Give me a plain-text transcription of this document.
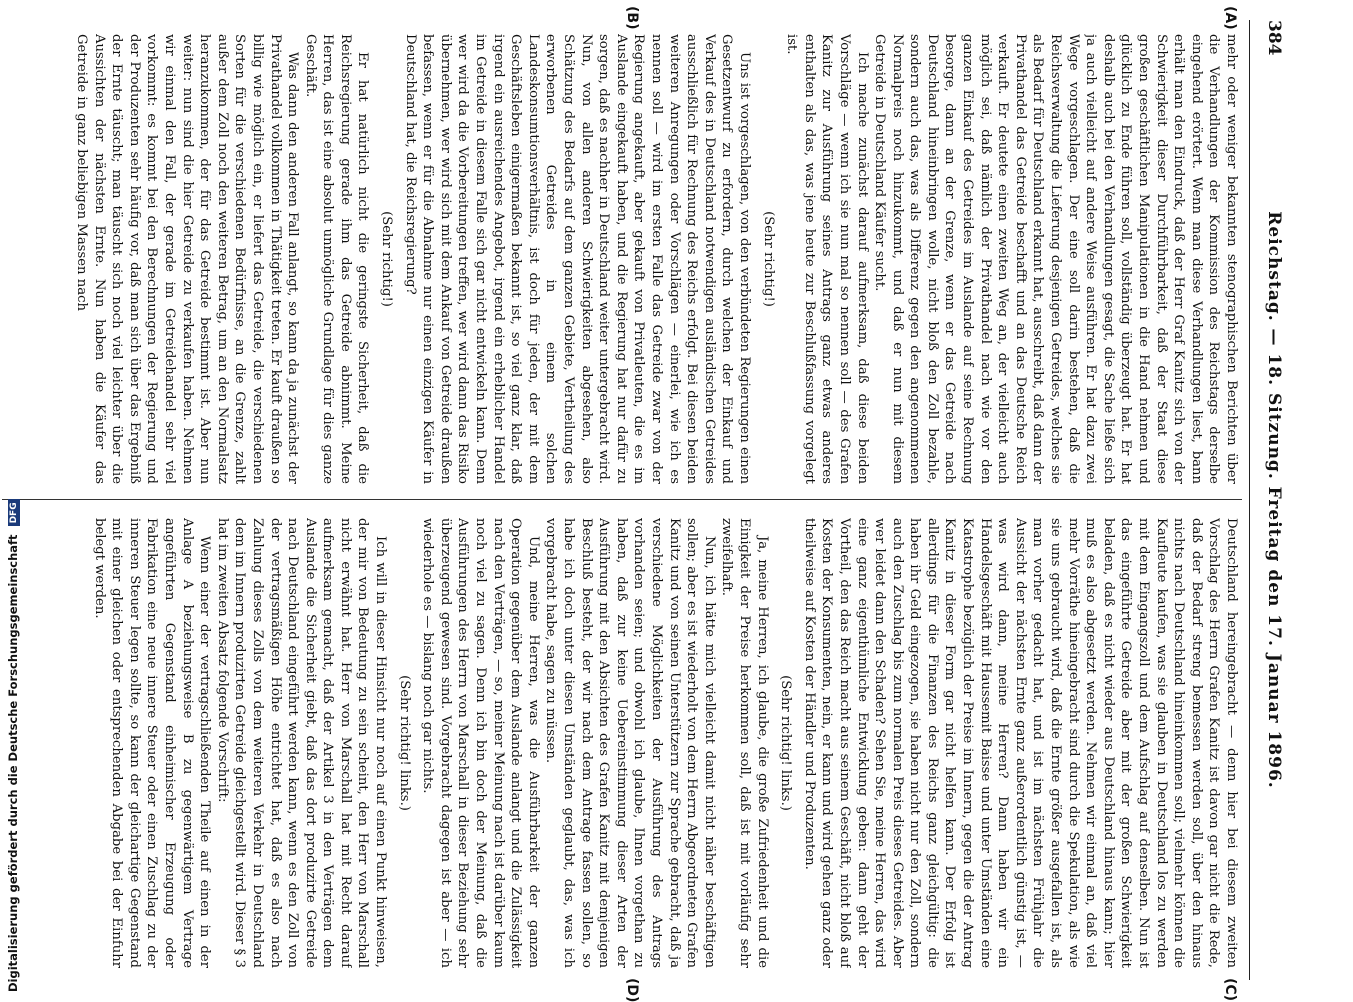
384
Reichstag. — 18. Sitzung. Freitag den 17. Januar 1896.
(A)
(B)
(C)
(D)

mehr oder weniger bekannten stenographischen Berichten über die Verhandlungen der Kommission des Reichstags derselbe eingehend erörtert. Wenn man diese Verhandlungen liest, bann erhält man den Eindruck, daß der Herr Graf Kanitz sich von der Schwierigkeit dieser Durchführbarkeit, daß der Staat diese großen geschäftlichen Manipulationen in die Hand nehmen und glücklich zu Ende führen soll, vollständig überzeugt hat. Er hat deshalb auch bei den Verhandlungen gesagt, die Sache ließe sich ja auch vielleicht auf andere Weise ausführen. Er hat dazu zwei Wege vorgeschlagen. Der eine soll darin bestehen, daß die Reichsverwaltung die Lieferung desjenigen Getreides, welches sie als Bedarf für Deutschland erkannt hat, ausschreibt, daß dann der Privathandel das Getreide beschafft und an das Deutsche Reich verkauft. Er deutete einen zweiten Weg an, der vielleicht auch möglich sei, daß nämlich der Privathandel nach wie vor den ganzen Einkauf des Getreides im Auslande auf seine Rechnung besorge, dann an der Grenze, wenn er das Getreide nach Deutschland hineinbringen wolle, nicht bloß den Zoll bezahle, sondern auch das, was als Differenz gegen den angenommenen Normalpreis noch hinzukommt, und daß er nun mit diesem Getreide in Deutschland Käufer sucht.

Ich mache zunächst darauf aufmerksam, daß diese beiden Vorschläge — wenn ich sie nun mal so nennen soll — des Grafen Kanitz zur Ausführung seines Antrags ganz etwas anderes enthalten als das, was jene heute zur Beschlußfassung vorgelegt ist.

(Sehr richtig!)

Uns ist vorgeschlagen, von den verbündeten Regierungen einen Gesetzentwurf zu erfordern, durch welchen der Einkauf und Verkauf des in Deutschland notwendigen ausländischen Getreides ausschließlich für Rechnung des Reichs erfolgt. Bei diesen beiden weiteren Anregungen oder Vorschlägen — einerlei, wie ich es nennen soll — wird im ersten Falle das Getreide zwar von der Regierung angekauft, aber gekauft von Privatleuten, die es im Auslande eingekauft haben, und die Regierung hat nur dafür zu sorgen, daß es nachher in Deutschland weiter untergebracht wird. Nun, von allen anderen Schwierigkeiten abgesehen, also Schätzung des Bedarfs auf dem ganzen Gebiete, Vertheilung des erworbenen Getreides in einem solchen Landeskonsumtionsverhältnis, ist doch für jeden, der mit dem Geschäftsleben einigermaßen bekannt ist, so viel ganz klar, daß irgend ein ausreichendes Angebot, irgend ein erheblicher Handel im Getreide in diesem Falle sich gar nicht entwickeln kann. Denn wer wird da die Vorbereitungen treffen, wer wird dann das Risiko übernehmen, wer wird sich mit dem Ankauf von Getreide draußen befassen, wenn er für die Abnahme nur einen einzigen Käufer in Deutschland hat, die Reichsregierung?

(Sehr richtig!)

Er hat natürlich nicht die geringste Sicherheit, daß die Reichsregierung gerade ihm das Getreide abnimmt. Meine Herren, das ist eine absolut unmögliche Grundlage für dies ganze Geschäft.

Was dann den anderen Fall anlangt, so kann da ja zunächst der Privathandel vollkommen in Thätigkeit treten. Er kauft draußen so billig wie möglich ein, er liefert das Getreide, die verschiedenen Sorten für die verschiedenen Bedürfnisse, an die Grenze, zahlt außer dem Zoll noch den weiteren Betrag, um an den Normalsatz heranzukommen, der für das Getreide bestimmt ist. Aber nun weiter: nun sind die hier Getreide zu verkaufen haben. Nehmen wir einmal den Fall, der gerade im Getreidehandel sehr viel vorkommt: es kommt bei den Berechnungen der Regierung und der Produzenten sehr häufig vor, daß man sich über das Ergebniß der Ernte täuscht; man täuscht sich noch viel leichter über die Aussichten der nächsten Ernte. Nun haben die Käufer das Getreide in ganz beliebigen Massen nach

Deutschland hereingebracht — denn hier bei diesem zweiten Vorschlag des Herrn Grafen Kanitz ist davon gar nicht die Rede, daß der Bedarf streng bemessen werden soll, über den hinaus nichts nach Deutschland hineinkommen soll; vielmehr können die Kaufleute kaufen, was sie glauben in Deutschland los zu werden mit dem Eingangszoll und dem Aufschlag auf denselben. Nun ist das eingeführte Getreide aber mit der großen Schwierigkeit beladen, daß es nicht wieder aus Deutschland hinaus kann; hier muß es also abgesetzt werden. Nehmen wir einmal an, daß viel mehr Vorräthe hineingebracht sind durch die Spekulation, als wie sie uns gebraucht wird, daß die Ernte größer ausgefallen ist, als man vorher gedacht hat, und ist im nächsten Frühjahr die Aussicht der nächsten Ernte ganz außerordentlich günstig ist, — was wird dann, meine Herren? Dann haben wir ein Handelsgeschäft mit Haussemit Baisse und unter Umständen eine Katastrophe bezüglich der Preise im Innern, gegen die der Antrag Kanitz in dieser Form gar nicht helfen kann. Der Erfolg ist allerdings für die Finanzen des Reichs ganz gleichgültig: die haben ihr Geld eingezogen, sie haben nicht nur den Zoll, sondern auch den Zuschlag bis zum normalen Preis dieses Getreides. Aber wer leidet dann den Schaden? Sehen Sie, meine Herren, das wird eine ganz eigenthümliche Entwicklung geben: dann geht der Vortheil, den das Reich macht aus seinem Geschäft, nicht bloß auf Kosten der Konsumenten, nein, er kann und wird gehen ganz oder theilweise auf Kosten der Händler und Produzenten.

(Sehr richtig! links.)

Ja, meine Herren, ich glaube, die große Zufriedenheit und die Einigkeit der Preise herkommen soll, daß ist mit vorläufig sehr zweifelhaft.

Nun, ich hätte mich vielleicht damit nicht näher beschäftigen sollen; aber es ist wiederholt von dem Herrn Abgeordneten Grafen Kanitz und von seinen Unterstützern zur Sprache gebracht, daß ja verschiedene Möglichkeiten der Ausführung des Antrags vorhanden seien; und obwohl ich glaube, Ihnen vorgethan zu haben, daß zur keine Uebereinstimmung dieser Arten der Ausführung mit den Absichten des Grafen Kanitz mit demjenigen Beschluß besteht, der wir nach dem Antrage fassen sollen, so habe ich doch unter diesen Umständen geglaubt, das, was ich vorgebracht habe, sagen zu müssen.

Und, meine Herren, was die Ausführbarkeit der ganzen Operation gegenüber dem Auslande anlangt und die Zulässigkeit nach den Verträgen, — so, meiner Meinung nach ist darüber kaum noch viel zu sagen. Denn ich bin doch der Meinung, daß die Ausführungen des Herrn von Marschall in dieser Beziehung sehr überzeugend gewesen sind. Vorgebracht dagegen ist aber — ich wiederhole es — bislang noch gar nichts.

(Sehr richtig! links.)

Ich will in dieser Hinsicht nur noch auf einen Punkt hinweisen, der mir von Bedeutung zu sein scheint, den Herr von Marschall nicht erwähnt hat. Herr von Marschall hat mit Recht darauf aufmerksam gemacht, daß der Artikel 3 in den Verträgen dem Auslande die Sicherheit giebt, daß das dort produzirte Getreide nach Deutschland eingeführt werden kann, wenn es den Zoll von der vertragsmäßigen Höhe entrichtet hat, daß es also nach Zahlung dieses Zolls von dem weiteren Verkehr in Deutschland dem im Innern produzirten Getreide gleichgestellt wird. Dieser § 3 hat im zweiten Absatz folgende Vorschrift:

Wenn einer der vertragschließenden Theile auf einen in der Anlage A beziehungsweise B zu gegenwärtigem Vertrage angeführten Gegenstand einheimischer Erzeugung oder Fabrikation eine neue innere Steuer oder einen Zuschlag zu der inneren Steuer legen sollte, so kann der gleichartige Gegenstand mit einer gleichen oder entsprechenden Abgabe bei der Einfuhr belegt werden.

Digitalisierung gefördert durch die Deutsche Forschungsgemeinschaft DFG
